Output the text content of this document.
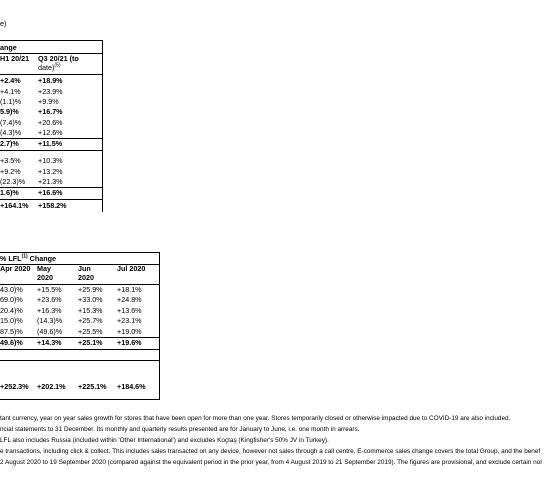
e)
ange
H1 20/21 Q3 20/21 (to
date)$^{(5)}$
+2.4% +18.9%
+4.1% +23.9%
(1.1)% +9.9%
5.9)%	+16.7%
(7.4)% +20.6%
(4.3)% +12.6%
2.7)%	+11.5%
+3.5% +10.3%
+9.2% +13.2%
(22.3)% +21.3%
1.6)%	+16.6%
+164.1% +158.2%
% LFL$^{(1)}$ Change
Apr 2020 May
2020
Jun
2020
Jul 2020
43.0)% +15.5% +25.9% +18.1%
69.0)% +23.6% +33.0% +24.8%
20.4)% +16.3% +15.3% +13.6%
15.0)% (14.3)% +25.7% +23.1%
87.5)% (49.6)% +25.5% +19.0%
49.6)% +14.3% +25.1% +19.6%
+252.3% +202.1% +225.1% +184.6%
tant currency, year on year sales growth for stores that have been open for more than one year. Stores temporarily closed or otherwise impacted due to COVID-19 are also included.
ncial statements to 31 December. Its monthly and quarterly results presented are for January to June, i.e. one month in arrears.
LFL also includes Russia (included within 'Other International') and excludes Koçtaş (Kingfisher's 50% JV in Turkey).
e transactions, including click & collect. This includes sales transacted on any device, however not sales through a call centre. E-commerce sales change covers the total Group, and the benef
2 August 2020 to 19 September 2020 (compared against the equivalent period in the prior year, from 4 August 2019 to 21 September 2019). The figures are provisional, and exclude certain nor
